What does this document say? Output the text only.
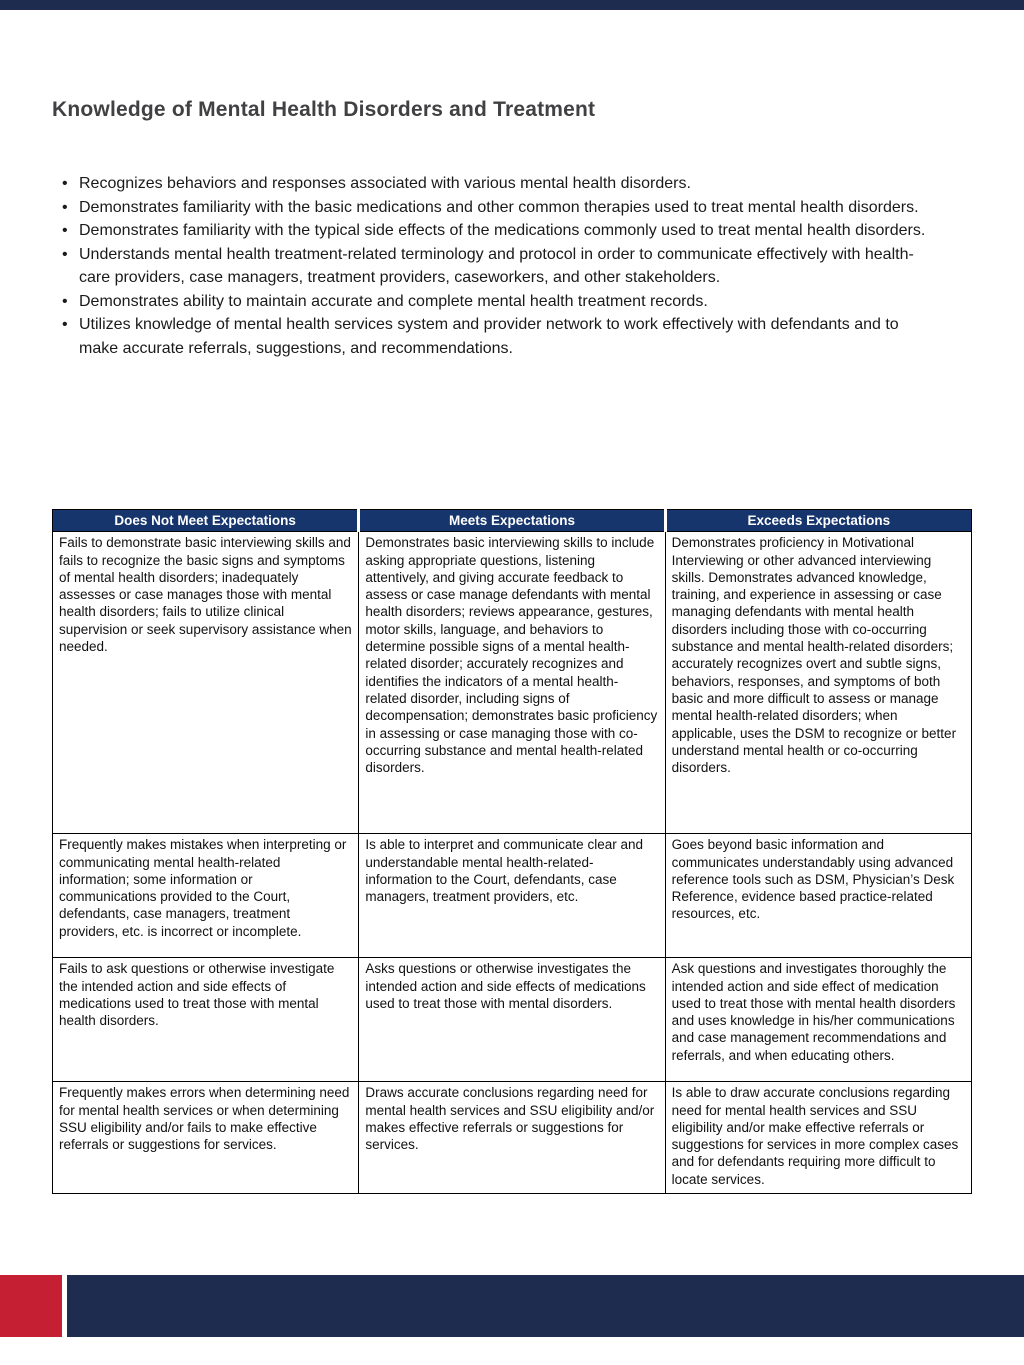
Knowledge of Mental Health Disorders and Treatment
• Recognizes behaviors and responses associated with various mental health disorders.
• Demonstrates familiarity with the basic medications and other common therapies used to treat mental health disorders.
• Demonstrates familiarity with the typical side effects of the medications commonly used to treat mental health disorders.
• Understands mental health treatment-related terminology and protocol in order to communicate effectively with health-care providers, case managers, treatment providers, caseworkers, and other stakeholders.
• Demonstrates ability to maintain accurate and complete mental health treatment records.
• Utilizes knowledge of mental health services system and provider network to work effectively with defendants and to make accurate referrals, suggestions, and recommendations.
Does Not Meet Expectations	Meets Expectations	Exceeds Expectations
Fails to demonstrate basic interviewing skills and fails to recognize the basic signs and symptoms of mental health disorders; inadequately assesses or case manages those with mental health disorders; fails to utilize clinical supervision or seek supervisory assistance when needed.	Demonstrates basic interviewing skills to include asking appropriate questions, listening attentively, and giving accurate feedback to assess or case manage defendants with mental health disorders; reviews appearance, gestures, motor skills, language, and behaviors to determine possible signs of a mental health-related disorder; accurately recognizes and identifies the indicators of a mental health-related disorder, including signs of decompensation; demonstrates basic proficiency in assessing or case managing those with co-occurring substance and mental health-related disorders.	Demonstrates proficiency in Motivational Interviewing or other advanced interviewing skills. Demonstrates advanced knowledge, training, and experience in assessing or case managing defendants with mental health disorders including those with co-occurring substance and mental health-related disorders; accurately recognizes overt and subtle signs, behaviors, responses, and symptoms of both basic and more difficult to assess or manage mental health-related disorders; when applicable, uses the DSM to recognize or better understand mental health or co-occurring disorders.
Frequently makes mistakes when interpreting or communicating mental health-related information; some information or communications provided to the Court, defendants, case managers, treatment providers, etc. is incorrect or incomplete.	Is able to interpret and communicate clear and understandable mental health-related-information to the Court, defendants, case managers, treatment providers, etc.	Goes beyond basic information and communicates understandably using advanced reference tools such as DSM, Physician’s Desk Reference, evidence based practice-related resources, etc.
Fails to ask questions or otherwise investigate the intended action and side effects of medications used to treat those with mental health disorders.	Asks questions or otherwise investigates the intended action and side effects of medications used to treat those with mental disorders.	Ask questions and investigates thoroughly the intended action and side effect of medication used to treat those with mental health disorders and uses knowledge in his/her communications and case management recommendations and referrals, and when educating others.
Frequently makes errors when determining need for mental health services or when determining SSU eligibility and/or fails to make effective referrals or suggestions for services.	Draws accurate conclusions regarding need for mental health services and SSU eligibility and/or makes effective referrals or suggestions for services.	Is able to draw accurate conclusions regarding need for mental health services and SSU eligibility and/or make effective referrals or suggestions for services in more complex cases and for defendants requiring more difficult to locate services.
